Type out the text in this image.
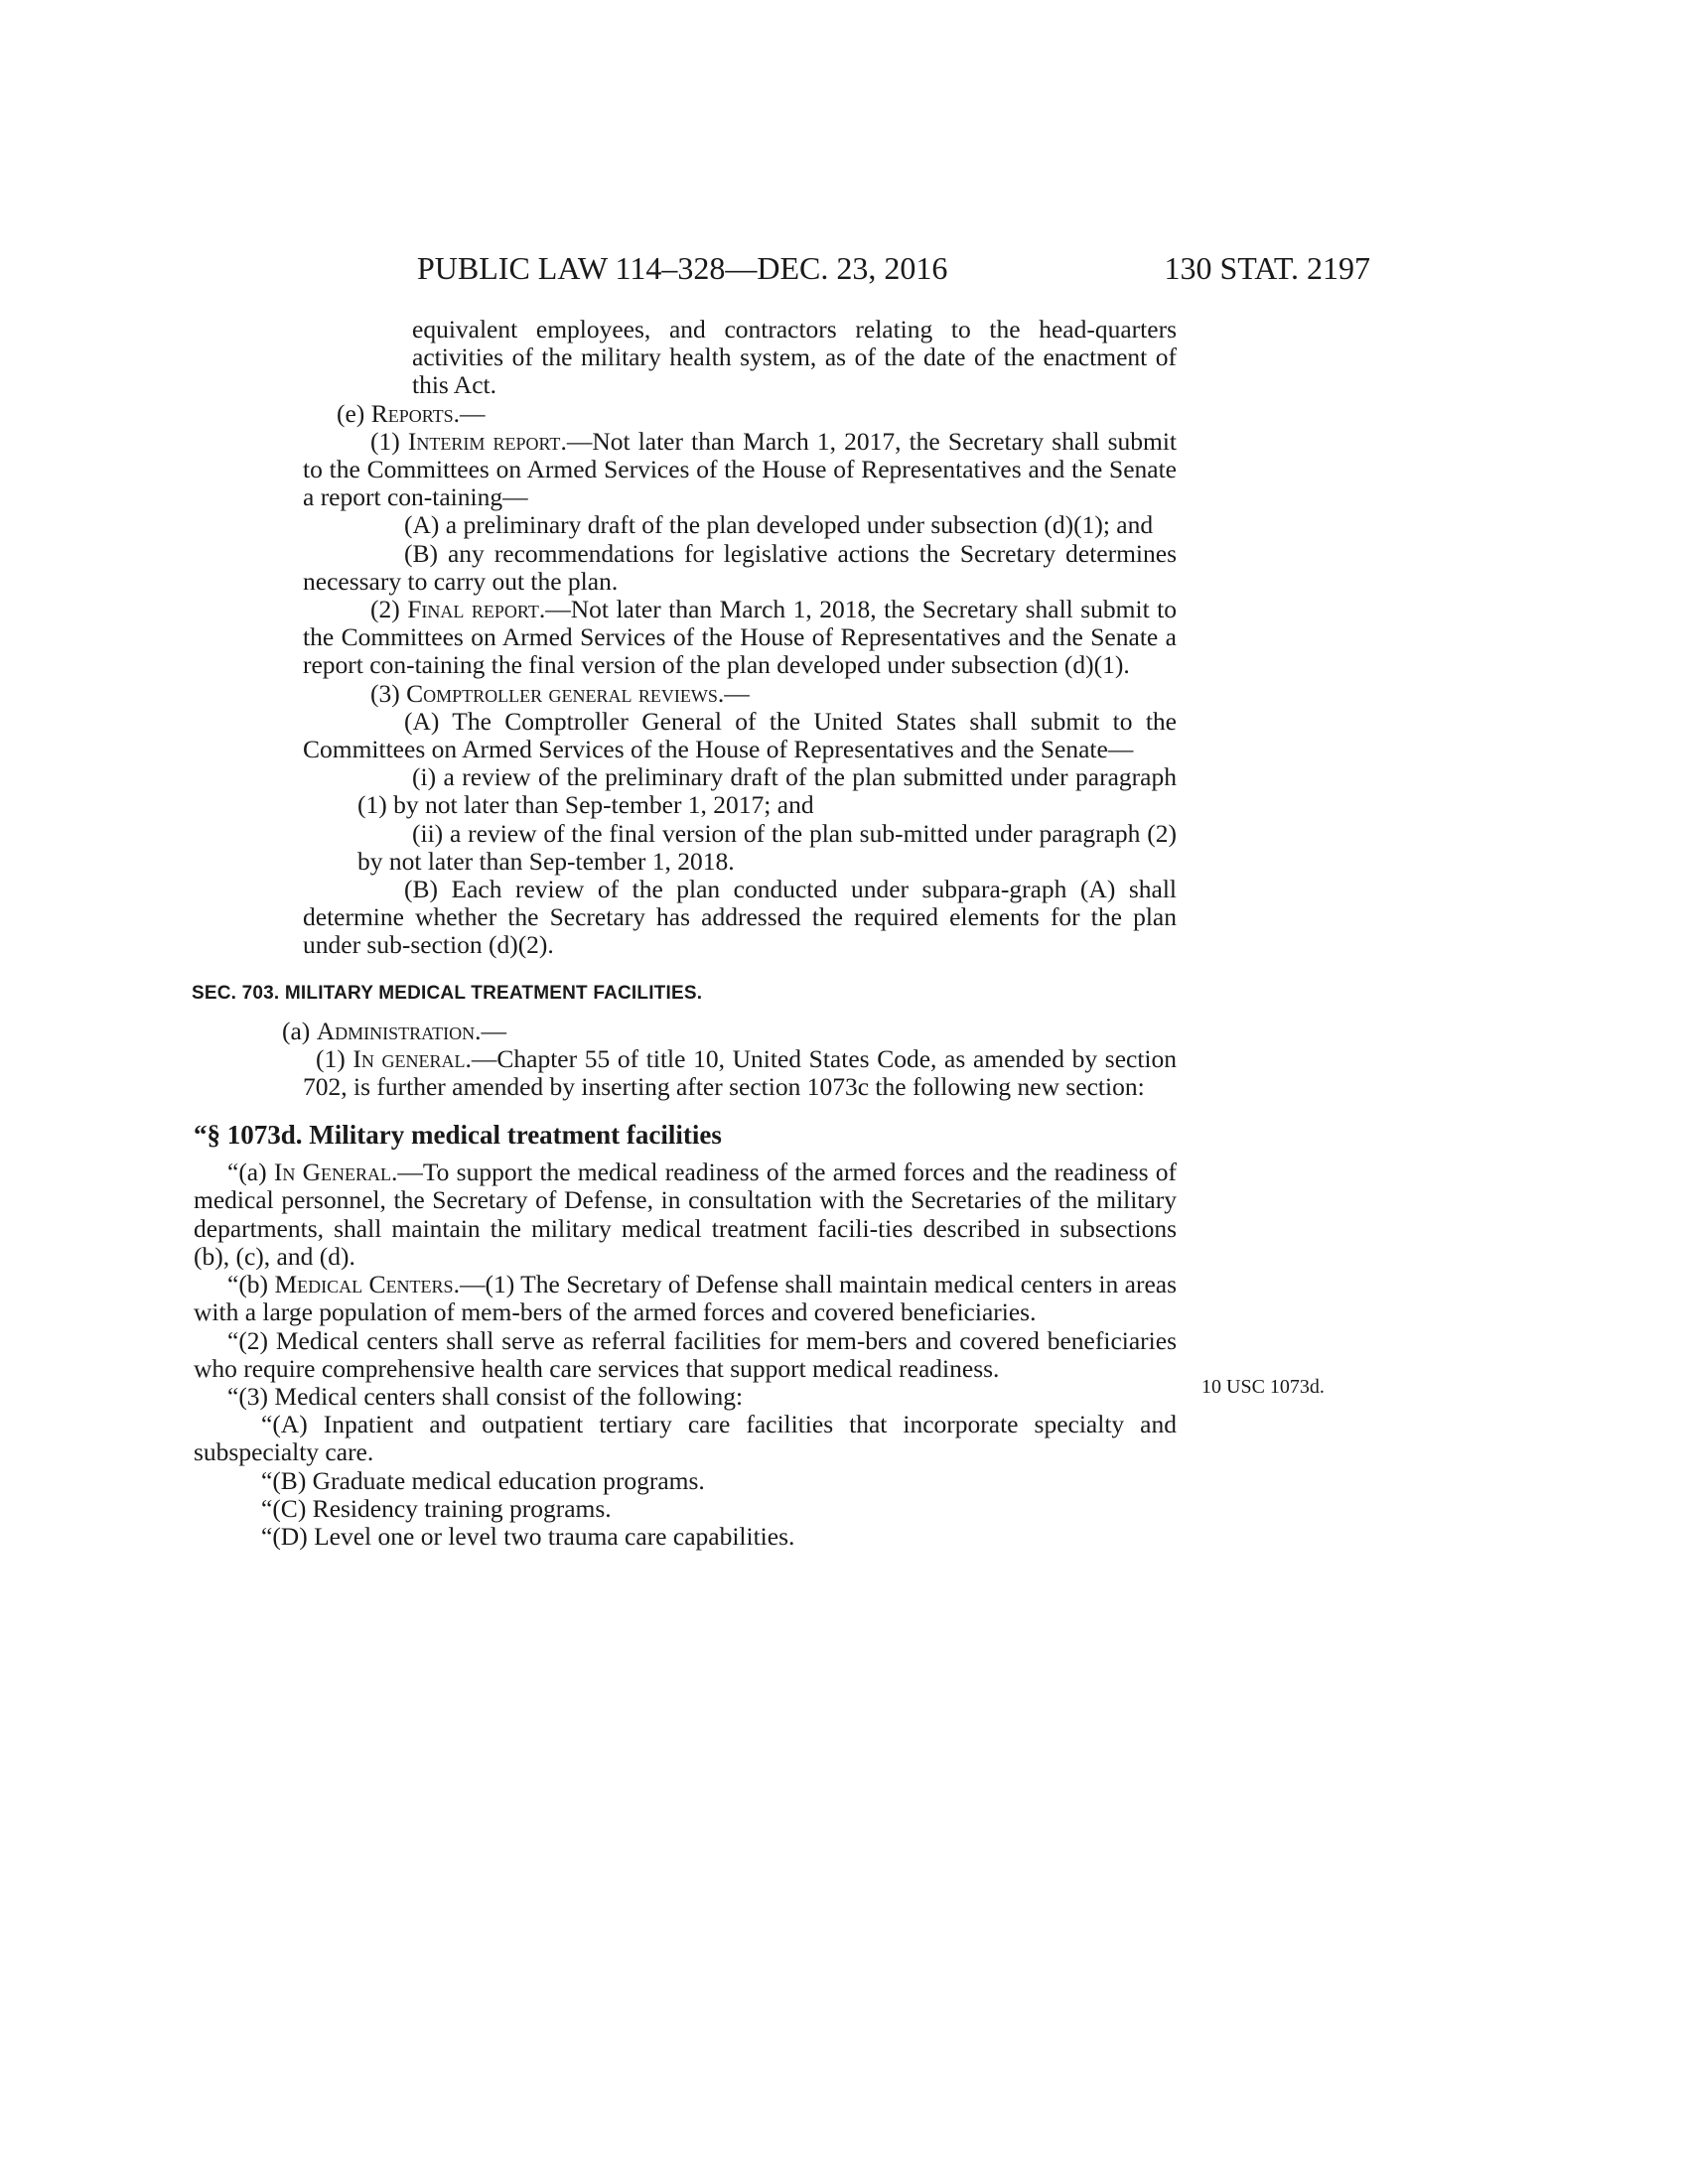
PUBLIC LAW 114–328—DEC. 23, 2016	130 STAT. 2197
10 USC 1073d.

equivalent employees, and contractors relating to the head-quarters activities of the military health system, as of the date of the enactment of this Act.

(e) Reports.—

(1) Interim report.—Not later than March 1, 2017, the Secretary shall submit to the Committees on Armed Services of the House of Representatives and the Senate a report con-taining—

(A) a preliminary draft of the plan developed under subsection (d)(1); and

(B) any recommendations for legislative actions the Secretary determines necessary to carry out the plan.

(2) Final report.—Not later than March 1, 2018, the Secretary shall submit to the Committees on Armed Services of the House of Representatives and the Senate a report con-taining the final version of the plan developed under subsection (d)(1).

(3) Comptroller general reviews.—

(A) The Comptroller General of the United States shall submit to the Committees on Armed Services of the House of Representatives and the Senate—

(i) a review of the preliminary draft of the plan submitted under paragraph (1) by not later than Sep-tember 1, 2017; and

(ii) a review of the final version of the plan sub-mitted under paragraph (2) by not later than Sep-tember 1, 2018.

(B) Each review of the plan conducted under subpara-graph (A) shall determine whether the Secretary has addressed the required elements for the plan under sub-section (d)(2).

SEC. 703. MILITARY MEDICAL TREATMENT FACILITIES.

(a) Administration.—

(1) In general.—Chapter 55 of title 10, United States Code, as amended by section 702, is further amended by inserting after section 1073c the following new section:

“§ 1073d. Military medical treatment facilities

“(a) In General.—To support the medical readiness of the armed forces and the readiness of medical personnel, the Secretary of Defense, in consultation with the Secretaries of the military departments, shall maintain the military medical treatment facili-ties described in subsections (b), (c), and (d).

“(b) Medical Centers.—(1) The Secretary of Defense shall maintain medical centers in areas with a large population of mem-bers of the armed forces and covered beneficiaries.

“(2) Medical centers shall serve as referral facilities for mem-bers and covered beneficiaries who require comprehensive health care services that support medical readiness.

“(3) Medical centers shall consist of the following:

“(A) Inpatient and outpatient tertiary care facilities that incorporate specialty and subspecialty care.

“(B) Graduate medical education programs.

“(C) Residency training programs.

“(D) Level one or level two trauma care capabilities.
